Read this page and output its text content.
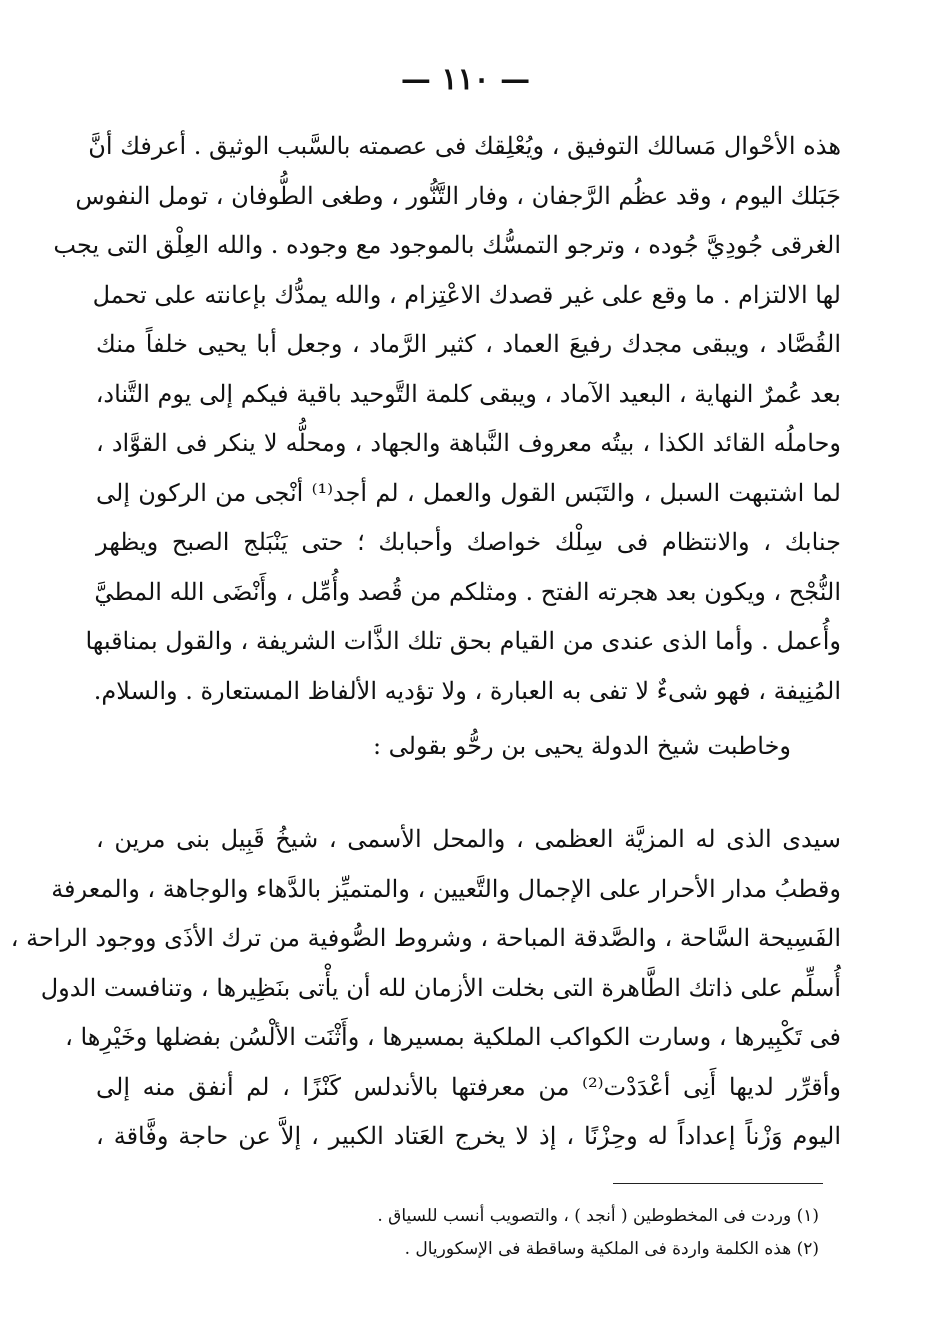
— ١١٠ —
هذه الأحْوال مَسالك التوفيق ، ويُعْلِقك فى عصمته بالسَّبب الوثيق . أعرفك أنَّ
جَبَلك اليوم ، وقد عظُم الرَّجفان ، وفار التَّنُّور ، وطغى الطُّوفان ، تومل النفوس
الغرقى جُودِيَّ جُوده ، وترجو التمسُّك بالموجود مع وجوده . والله العِلْق التى يجب
لها الالتزام . ما وقع على غير قصدك الاعْتِزام ، والله يمدُّك بإعانته على تحمل
القُصَّاد ، ويبقى مجدك رفيعَ العماد ، كثير الرَّماد ، وجعل أبا يحيى خلفاً منك
بعد عُمرٌ النهاية ، البعيد الآماد ، ويبقى كلمة التَّوحيد باقية فيكم إلى يوم التَّناد،
وحاملُه القائد الكذا ، بيتُه معروف النَّباهة والجهاد ، ومحلُّه لا ينكر فى القوَّاد ،
لما اشتبهت السبل ، والتَبَس القول والعمل ، لم أجد⁽¹⁾ أنْجى من الركون إلى
جنابك ، والانتظام فى سِلْك خواصك وأحبابك ؛ حتى يَنْبَلج الصبح ويظهر
النُّجْح ، ويكون بعد هجرته الفتح . ومثلكم من قُصد وأُمِّل ، وأَنْضَى الله المطيَّ
وأُعمل . وأما الذى عندى من القيام بحق تلك الذَّات الشريفة ، والقول بمناقبها
المُنِيفة ، فهو شىءٌ لا تفى به العبارة ، ولا تؤديه الألفاظ المستعارة . والسلام.
وخاطبت شيخ الدولة يحيى بن رحُّو بقولى :
سيدى الذى له المزيَّة العظمى ، والمحل الأسمى ، شيخُ قَبِيل بنى مرين ،
وقطبُ مدار الأحرار على الإجمال والتَّعيين ، والمتميِّز بالدَّهاء والوجاهة ، والمعرفة
الفَسِيحة السَّاحة ، والصَّدقة المباحة ، وشروط الصُّوفية من ترك الأذَى ووجود الراحة ،
أُسلِّم على ذاتك الطَّاهرة التى بخلت الأزمان لله أن يأْتى بنَظِيرها ، وتنافست الدول
فى تَكْبِيرها ، وسارت الكواكب الملكية بمسيرها ، وأَثْنَت الألْسُن بفضلها وخَيْرِها ،
وأقرِّر لديها أَنِى أعْدَدْت⁽²⁾ من معرفتها بالأندلس كَنْزًا ، لم أنفق منه إلى
اليوم وَزْناً إعداداً له وحِزْنًا ، إذ لا يخرج العَتاد الكبير ، إلاَّ عن حاجة وفَّاقة ،
(١) وردت فى المخطوطين ( أنجد ) ، والتصويب أنسب للسياق .
(٢) هذه الكلمة واردة فى الملكية وساقطة فى الإسكوريال .
